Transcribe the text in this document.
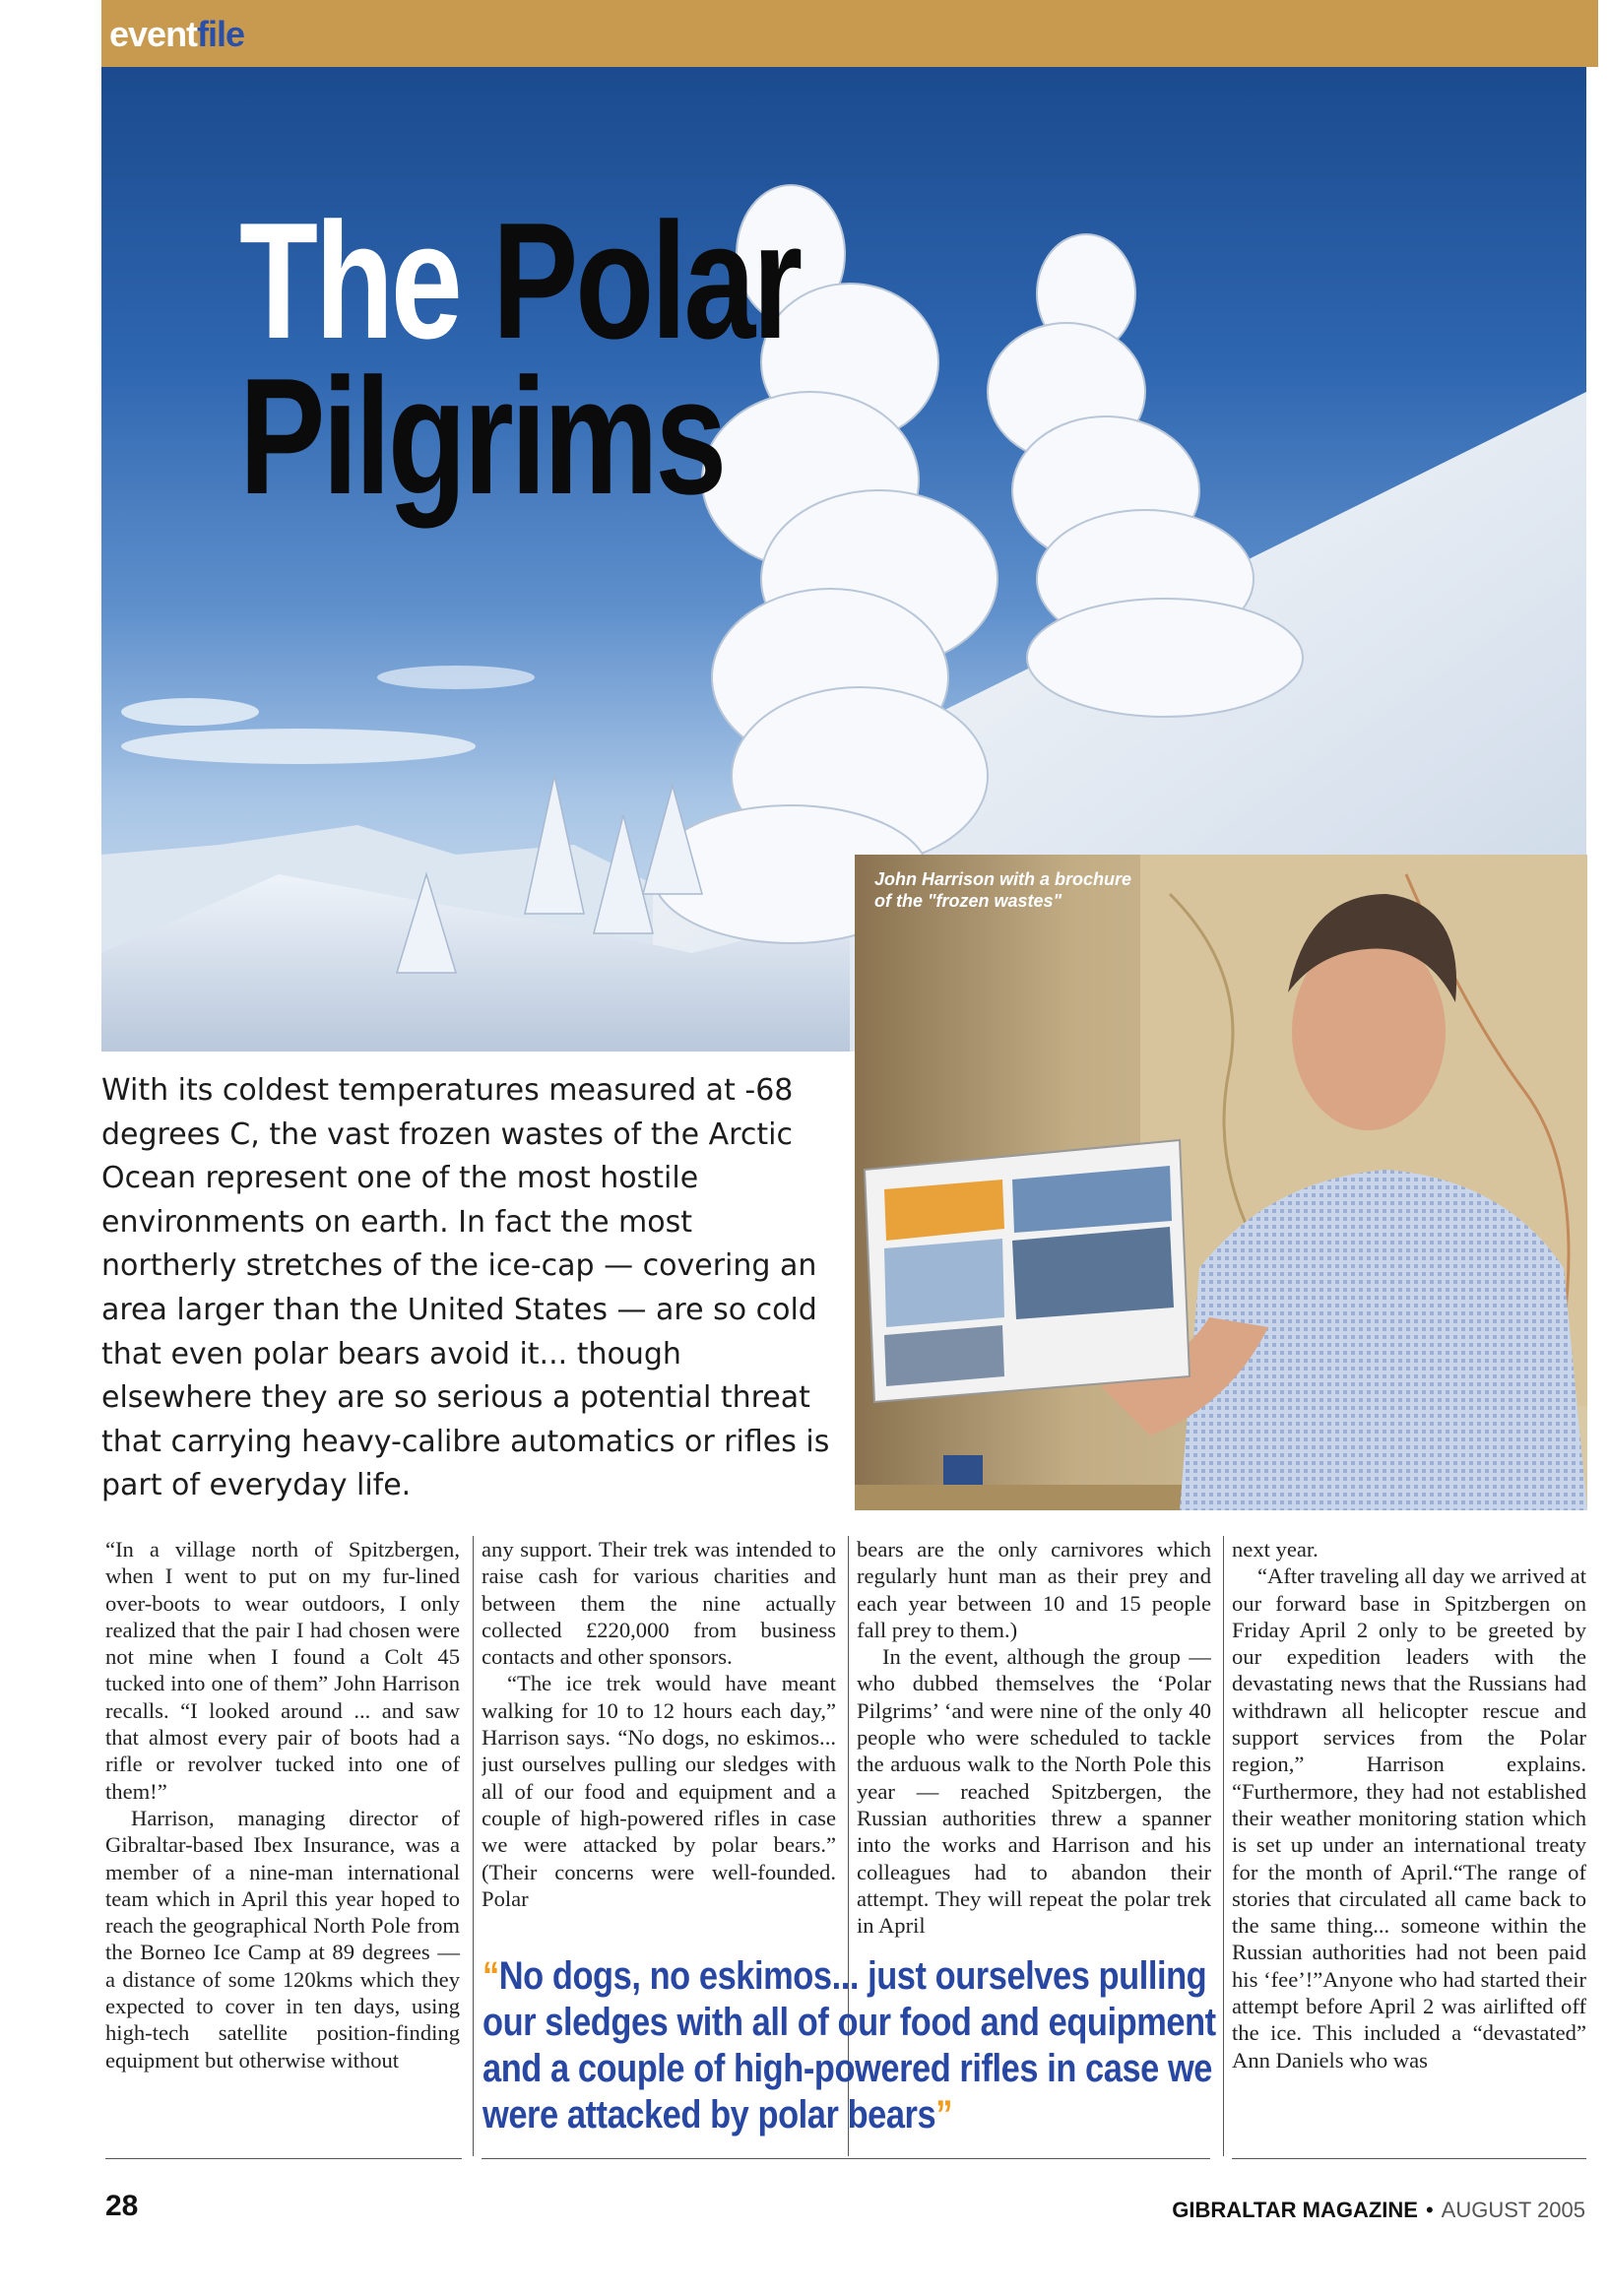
eventfile
The Polar
Pilgrims
John Harrison with a brochure
of the "frozen wastes"

With its coldest temperatures measured at -68 degrees C, the vast frozen wastes of the Arctic Ocean represent one of the most hostile environments on earth. In fact the most northerly stretches of the ice-cap — covering an area larger than the United States — are so cold that even polar bears avoid it... though elsewhere they are so serious a potential threat that carrying heavy-calibre automatics or rifles is part of everyday life.

“In a village north of Spitzbergen, when I went to put on my fur-lined over-boots to wear outdoors, I only realized that the pair I had chosen were not mine when I found a Colt 45 tucked into one of them” John Harrison recalls. “I looked around ... and saw that almost every pair of boots had a rifle or revolver tucked into one of them!”

Harrison, managing director of Gibraltar-based Ibex Insurance, was a member of a nine-man international team which in April this year hoped to reach the geographical North Pole from the Borneo Ice Camp at 89 degrees — a distance of some 120kms which they expected to cover in ten days, using high-tech satellite position-finding equipment but otherwise without

any support. Their trek was intended to raise cash for various charities and between them the nine actually collected £220,000 from business contacts and other sponsors.

“The ice trek would have meant walking for 10 to 12 hours each day,” Harrison says. “No dogs, no eskimos... just ourselves pulling our sledges with all of our food and equipment and a couple of high-powered rifles in case we were attacked by polar bears.” (Their concerns were well-founded. Polar

bears are the only carnivores which regularly hunt man as their prey and each year between 10 and 15 people fall prey to them.)

In the event, although the group — who dubbed themselves the ‘Polar Pilgrims’ ‘and were nine of the only 40 people who were scheduled to tackle the arduous walk to the North Pole this year — reached Spitzbergen, the Russian authorities threw a spanner into the works and Harrison and his colleagues had to abandon their attempt. They will repeat the polar trek in April

next year.

“After traveling all day we arrived at our forward base in Spitzbergen on Friday April 2 only to be greeted by our expedition leaders with the devastating news that the Russians had withdrawn all helicopter rescue and support services from the Polar region,” Harrison explains. “Furthermore, they had not established their weather monitoring station which is set up under an international treaty for the month of April.“The range of stories that circulated all came back to the same thing... someone within the Russian authorities had not been paid his ‘fee’!”Anyone who had started their attempt before April 2 was airlifted off the ice. This included a “devastated” Ann Daniels who was

“No dogs, no eskimos... just ourselves pulling our sledges with all of our food and equipment and a couple of high-powered rifles in case we were attacked by polar bears”
28	GIBRALTAR MAGAZINE • AUGUST 2005
